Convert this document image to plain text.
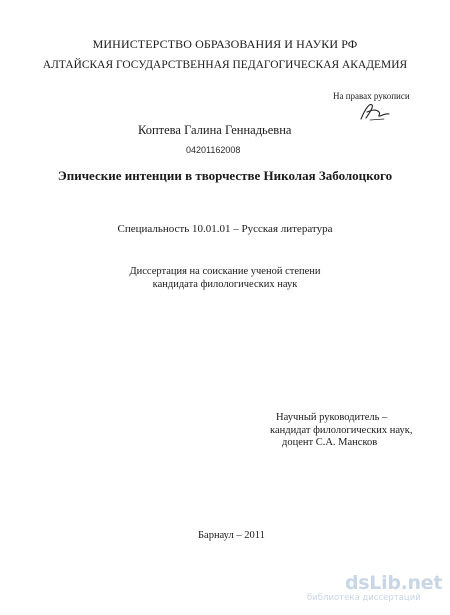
МИНИСТЕРСТВО ОБРАЗОВАНИЯ И НАУКИ РФ
АЛТАЙСКАЯ ГОСУДАРСТВЕННАЯ ПЕДАГОГИЧЕСКАЯ АКАДЕМИЯ
На правах рукописи
Коптева Галина Геннадьевна
04201162008
Эпические интенции в творчестве Николая Заболоцкого
Специальность 10.01.01 – Русская литература
Диссертация на соискание ученой степени
кандидата филологических наук
Научный руководитель –
кандидат филологических наук,
доцент С.А. Мансков
Барнаул – 2011
dsLib.net
библиотека диссертаций
